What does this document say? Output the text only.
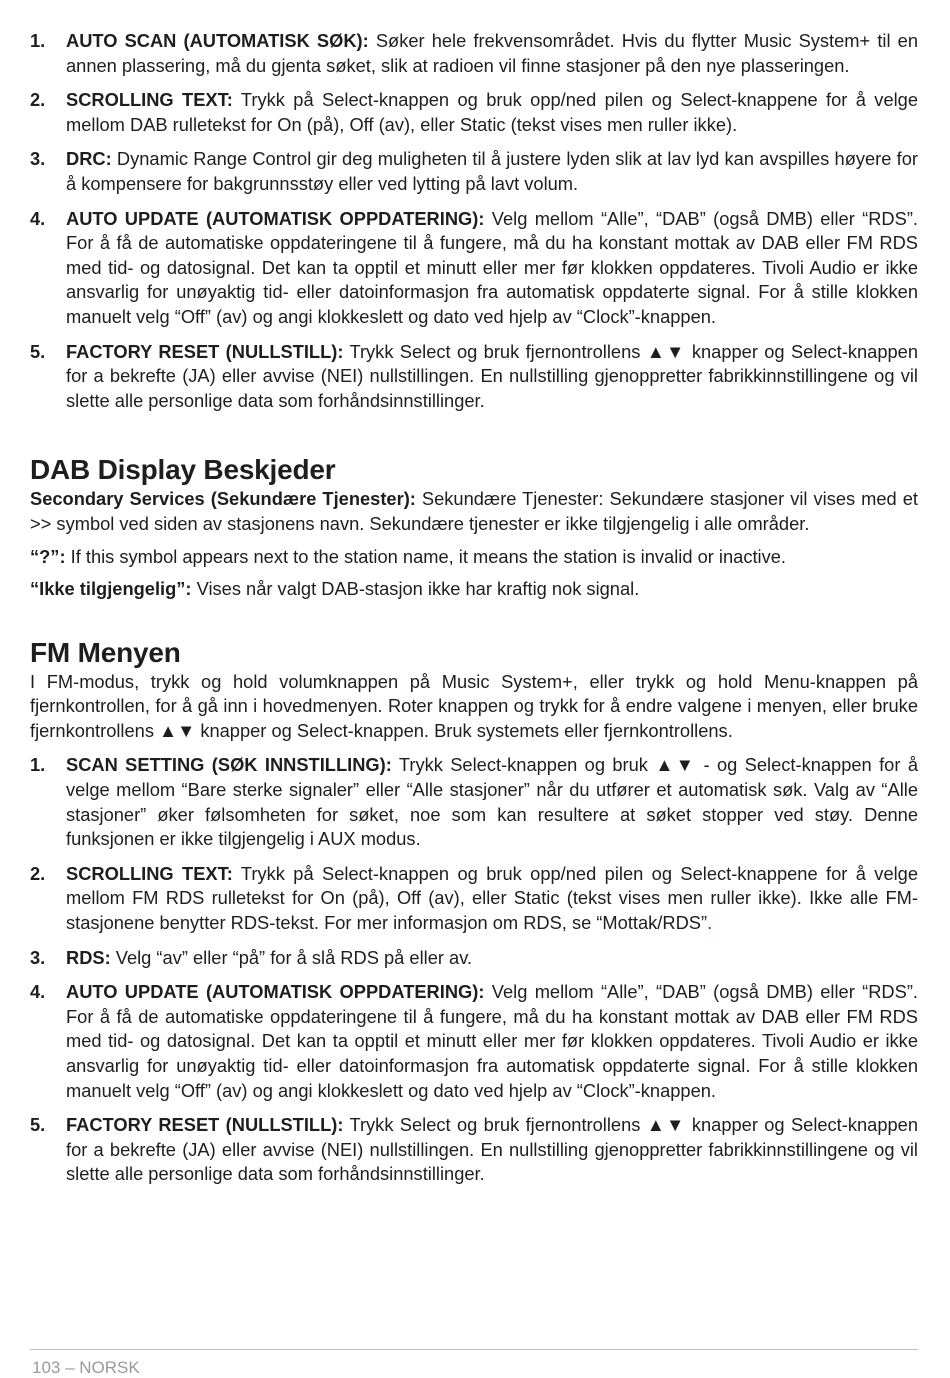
1. AUTO SCAN (AUTOMATISK SØK): Søker hele frekvensområdet. Hvis du flytter Music System+ til en annen plassering, må du gjenta søket, slik at radioen vil finne stasjoner på den nye plasseringen.
2. SCROLLING TEXT: Trykk på Select-knappen og bruk opp/ned pilen og Select-knappene for å velge mellom DAB rulletekst for On (på), Off (av), eller Static (tekst vises men ruller ikke).
3. DRC: Dynamic Range Control gir deg muligheten til å justere lyden slik at lav lyd kan avspilles høyere for å kompensere for bakgrunnsstøy eller ved lytting på lavt volum.
4. AUTO UPDATE (AUTOMATISK OPPDATERING): Velg mellom “Alle”, “DAB” (også DMB) eller “RDS”. For å få de automatiske oppdateringene til å fungere, må du ha konstant mottak av DAB eller FM RDS med tid- og datosignal. Det kan ta opptil et minutt eller mer før klokken oppdateres. Tivoli Audio er ikke ansvarlig for unøyaktig tid- eller datoinformasjon fra automatisk oppdaterte signal. For å stille klokken manuelt velg “Off” (av) og angi klokkeslett og dato ved hjelp av “Clock”-knappen.
5. FACTORY RESET (NULLSTILL): Trykk Select og bruk fjernontrollens ▲▼ knapper og Select-knappen for a bekrefte (JA) eller avvise (NEI) nullstillingen. En nullstilling gjenoppretter fabrikkinnstillingene og vil slette alle personlige data som forhåndsinnstillinger.
DAB Display Beskjeder

Secondary Services (Sekundære Tjenester): Sekundære Tjenester: Sekundære stasjoner vil vises med et >> symbol ved siden av stasjonens navn. Sekundære tjenester er ikke tilgjengelig i alle områder.

“?”: If this symbol appears next to the station name, it means the station is invalid or inactive.

“Ikke tilgjengelig”: Vises når valgt DAB-stasjon ikke har kraftig nok signal.

FM Menyen

I FM-modus, trykk og hold volumknappen på Music System+, eller trykk og hold Menu-knappen på fjernkontrollen, for å gå inn i hovedmenyen. Roter knappen og trykk for å endre valgene i menyen, eller bruke fjernkontrollens ▲▼ knapper og Select-knappen. Bruk systemets eller fjernkontrollens.

1. SCAN SETTING (SØK INNSTILLING): Trykk Select-knappen og bruk ▲▼ - og Select-knappen for å velge mellom “Bare sterke signaler” eller “Alle stasjoner” når du utfører et automatisk søk. Valg av “Alle stasjoner” øker følsomheten for søket, noe som kan resultere at søket stopper ved støy. Denne funksjonen er ikke tilgjengelig i AUX modus.
2. SCROLLING TEXT: Trykk på Select-knappen og bruk opp/ned pilen og Select-knappene for å velge mellom FM RDS rulletekst for On (på), Off (av), eller Static (tekst vises men ruller ikke). Ikke alle FM-stasjonene benytter RDS-tekst. For mer informasjon om RDS, se “Mottak/RDS”.
3. RDS: Velg “av” eller “på” for å slå RDS på eller av.
4. AUTO UPDATE (AUTOMATISK OPPDATERING): Velg mellom “Alle”, “DAB” (også DMB) eller “RDS”. For å få de automatiske oppdateringene til å fungere, må du ha konstant mottak av DAB eller FM RDS med tid- og datosignal. Det kan ta opptil et minutt eller mer før klokken oppdateres. Tivoli Audio er ikke ansvarlig for unøyaktig tid- eller datoinformasjon fra automatisk oppdaterte signal. For å stille klokken manuelt velg “Off” (av) og angi klokkeslett og dato ved hjelp av “Clock”-knappen.
5. FACTORY RESET (NULLSTILL): Trykk Select og bruk fjernontrollens ▲▼ knapper og Select-knappen for a bekrefte (JA) eller avvise (NEI) nullstillingen. En nullstilling gjenoppretter fabrikkinnstillingene og vil slette alle personlige data som forhåndsinnstillinger.
103 – NORSK
